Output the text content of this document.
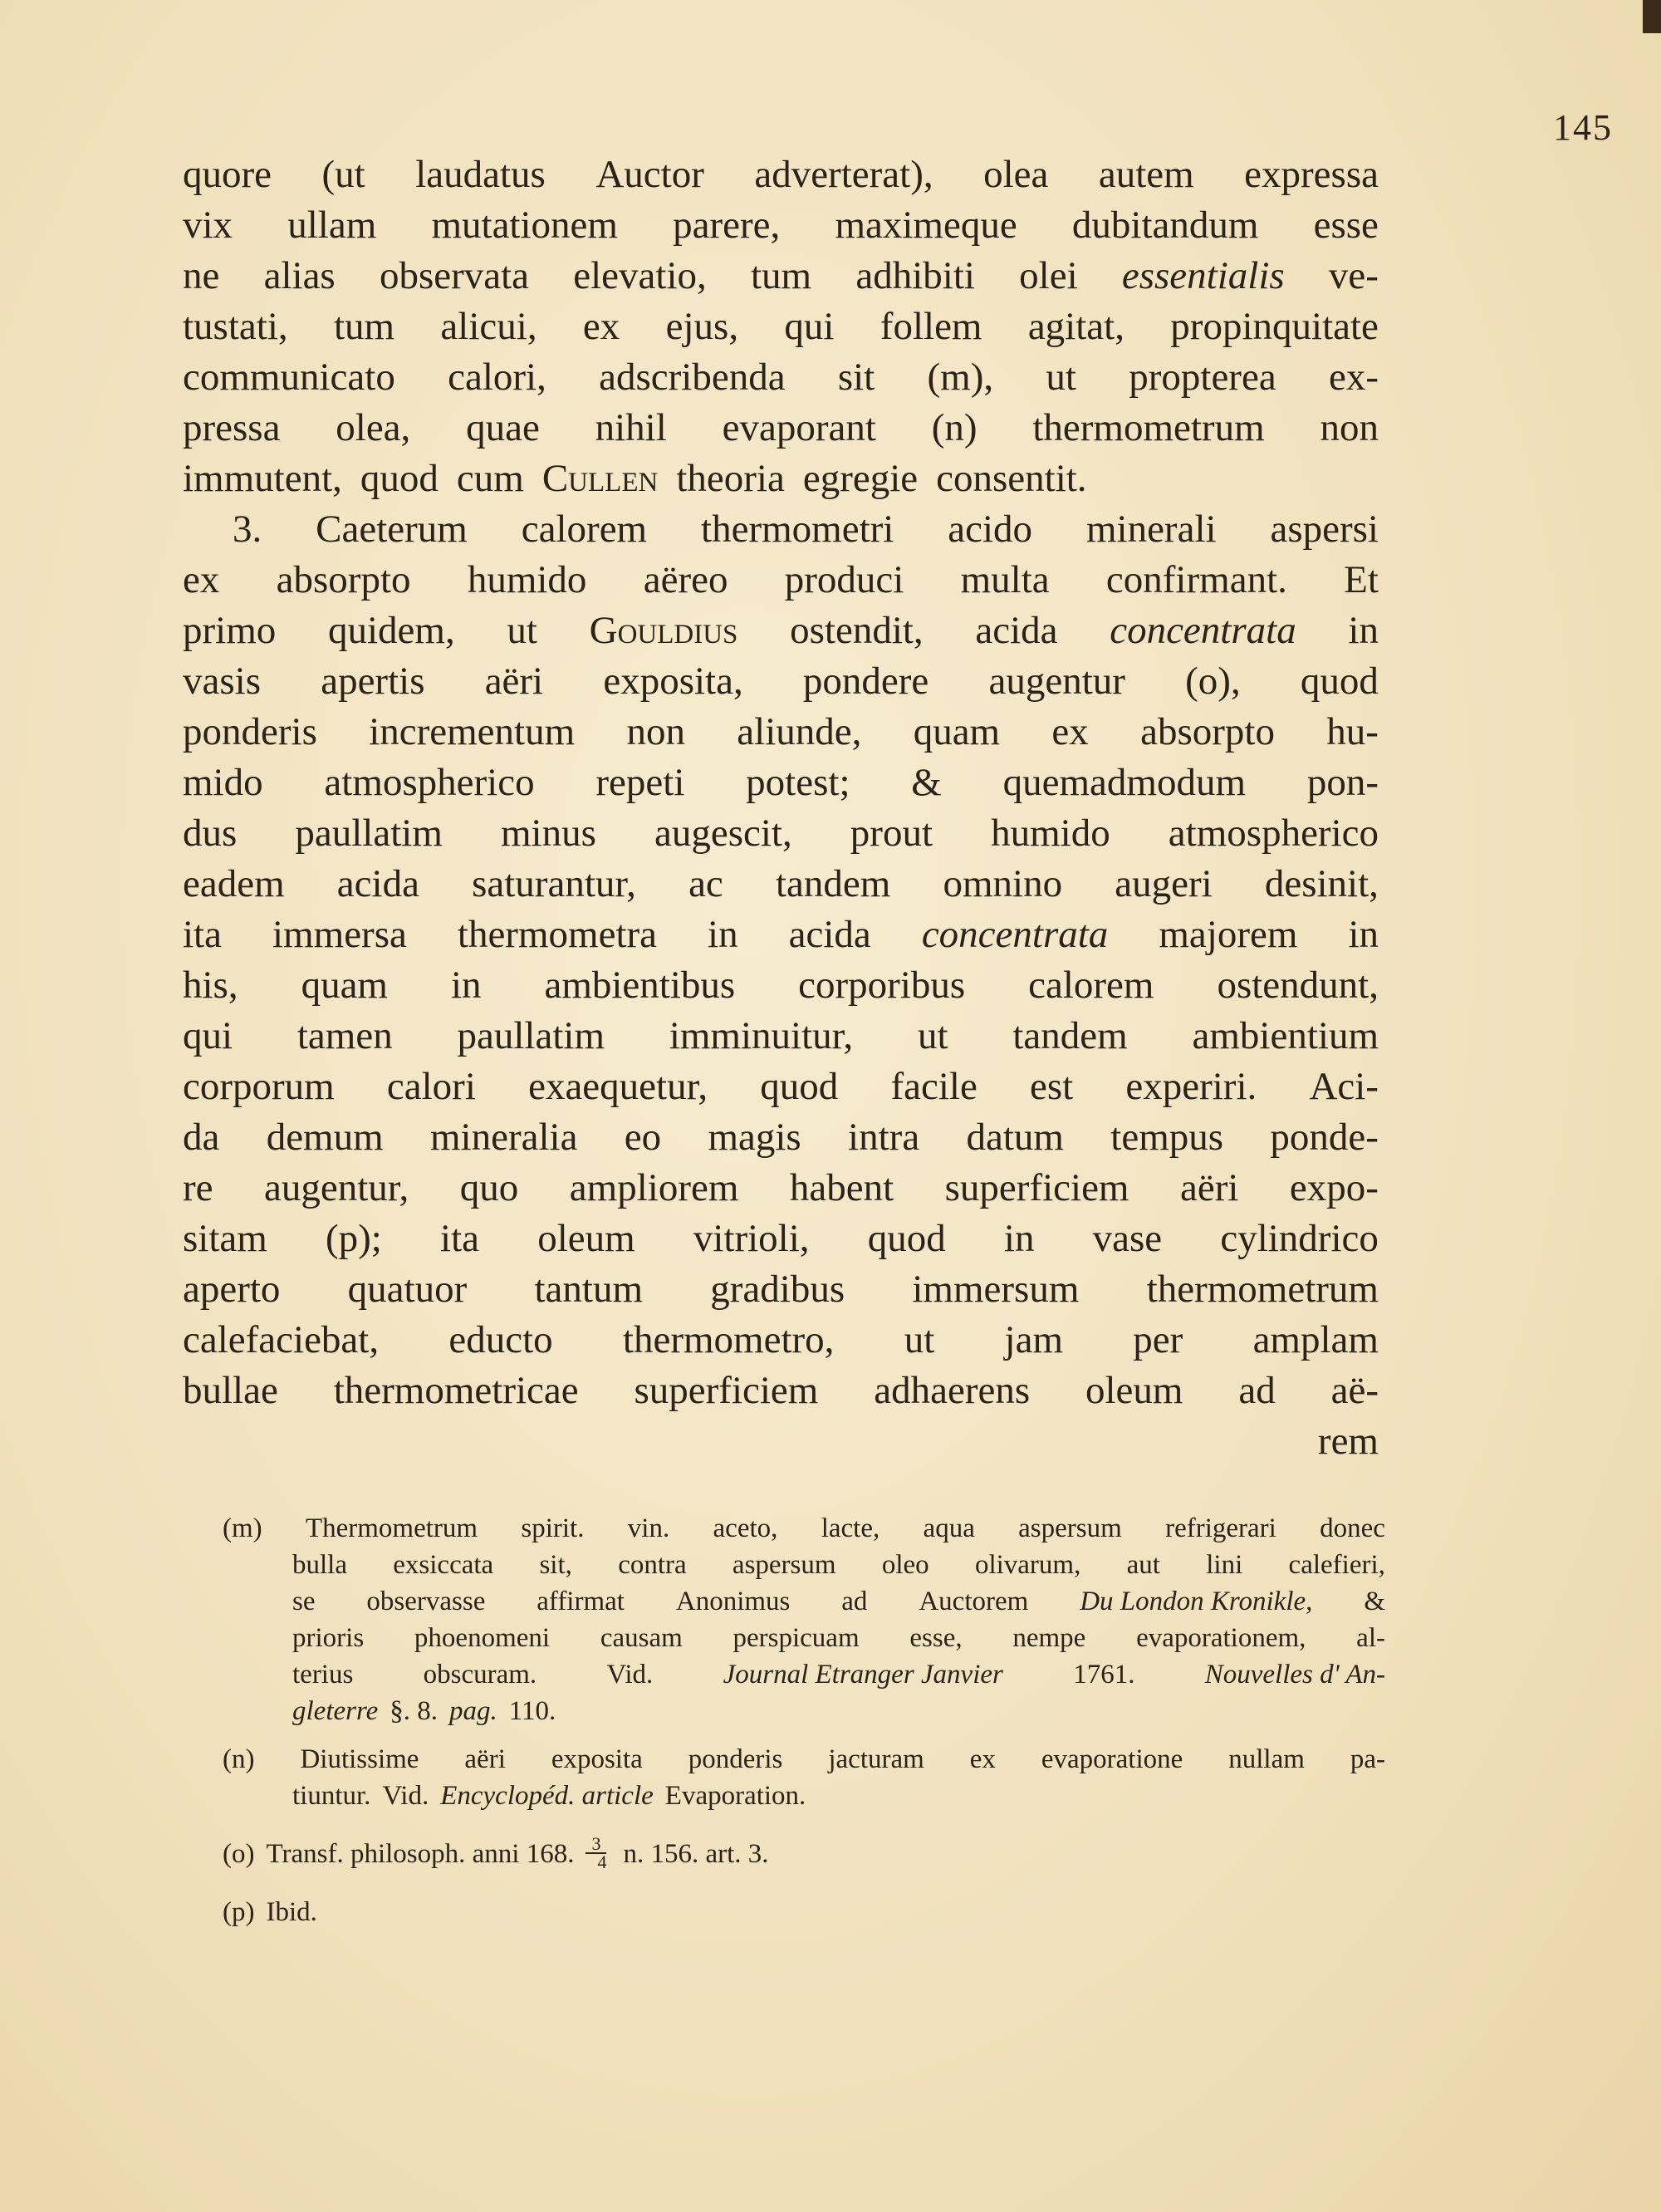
145
quore (ut laudatus Auctor adverterat), olea autem expressa
vix ullam mutationem parere, maximeque dubitandum esse
ne alias observata elevatio, tum adhibiti olei essentialis ve-
tustati, tum alicui, ex ejus, qui follem agitat, propinquitate
communicato calori, adscribenda sit (m), ut propterea ex-
pressa olea, quae nihil evaporant (n) thermometrum non
immutent, quod cum Cullen theoria egregie consentit.
3. Caeterum calorem thermometri acido minerali aspersi
ex absorpto humido aëreo produci multa confirmant. Et
primo quidem, ut Gouldius ostendit, acida concentrata in
vasis apertis aëri exposita, pondere augentur (o), quod
ponderis incrementum non aliunde, quam ex absorpto hu-
mido atmospherico repeti potest; & quemadmodum pon-
dus paullatim minus augescit, prout humido atmospherico
eadem acida saturantur, ac tandem omnino augeri desinit,
ita immersa thermometra in acida concentrata majorem in
his, quam in ambientibus corporibus calorem ostendunt,
qui tamen paullatim imminuitur, ut tandem ambientium
corporum calori exaequetur, quod facile est experiri. Aci-
da demum mineralia eo magis intra datum tempus ponde-
re augentur, quo ampliorem habent superficiem aëri expo-
sitam (p); ita oleum vitrioli, quod in vase cylindrico
aperto quatuor tantum gradibus immersum thermometrum
calefaciebat, educto thermometro, ut jam per amplam
bullae thermometricae superficiem adhaerens oleum ad aë-
rem
(m) Thermometrum spirit. vin. aceto, lacte, aqua aspersum refrigerari donec
bulla exsiccata sit, contra aspersum oleo olivarum, aut lini calefieri,
se observasse affirmat Anonimus ad Auctorem Du London Kronikle, &
prioris phoenomeni causam perspicuam esse, nempe evaporationem, al-
terius	obscuram.	Vid.	Journal Etranger Janvier	1761.	Nouvelles d' An-
gleterre §. 8. pag. 110.
(n) Diutissime aëri exposita ponderis jacturam ex evaporatione nullam pa-
tiuntur. Vid. Encyclopéd. article Evaporation.
(o) Transf. philosoph. anni 168. $\frac{3}{4} n$. 156. art. 3.
(p) Ibid.
